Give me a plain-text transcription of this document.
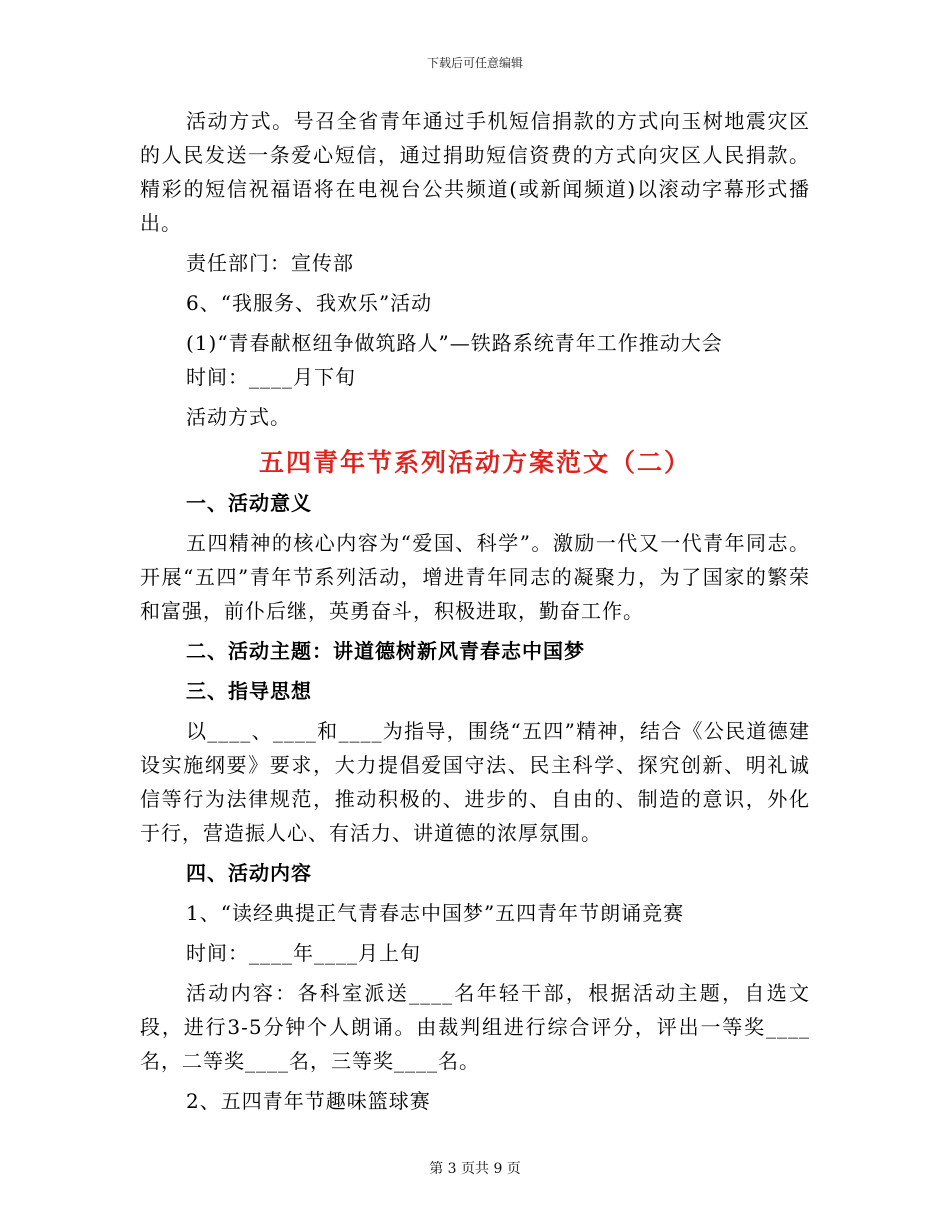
下载后可任意编辑

活动方式。号召全省青年通过手机短信捐款的方式向玉树地震灾区的人民发送一条爱心短信，通过捐助短信资费的方式向灾区人民捐款。精彩的短信祝福语将在电视台公共频道(或新闻频道)以滚动字幕形式播出。

责任部门：宣传部

6、“我服务、我欢乐”活动

(1)“青春献枢纽争做筑路人”—铁路系统青年工作推动大会

时间：____月下旬

活动方式。

五四青年节系列活动方案范文（二）

一、活动意义

五四精神的核心内容为“爱国、科学”。激励一代又一代青年同志。开展“五四”青年节系列活动，增进青年同志的凝聚力，为了国家的繁荣和富强，前仆后继，英勇奋斗，积极进取，勤奋工作。

二、活动主题：讲道德树新风青春志中国梦

三、指导思想

以____、____和____为指导，围绕“五四”精神，结合《公民道德建设实施纲要》要求，大力提倡爱国守法、民主科学、探究创新、明礼诚信等行为法律规范，推动积极的、进步的、自由的、制造的意识，外化于行，营造振人心、有活力、讲道德的浓厚氛围。

四、活动内容

1、“读经典提正气青春志中国梦”五四青年节朗诵竞赛

时间：____年____月上旬

活动内容：各科室派送____名年轻干部，根据活动主题，自选文段，进行3-5分钟个人朗诵。由裁判组进行综合评分，评出一等奖____名，二等奖____名，三等奖____名。

2、五四青年节趣味篮球赛

第 3 页共 9 页
